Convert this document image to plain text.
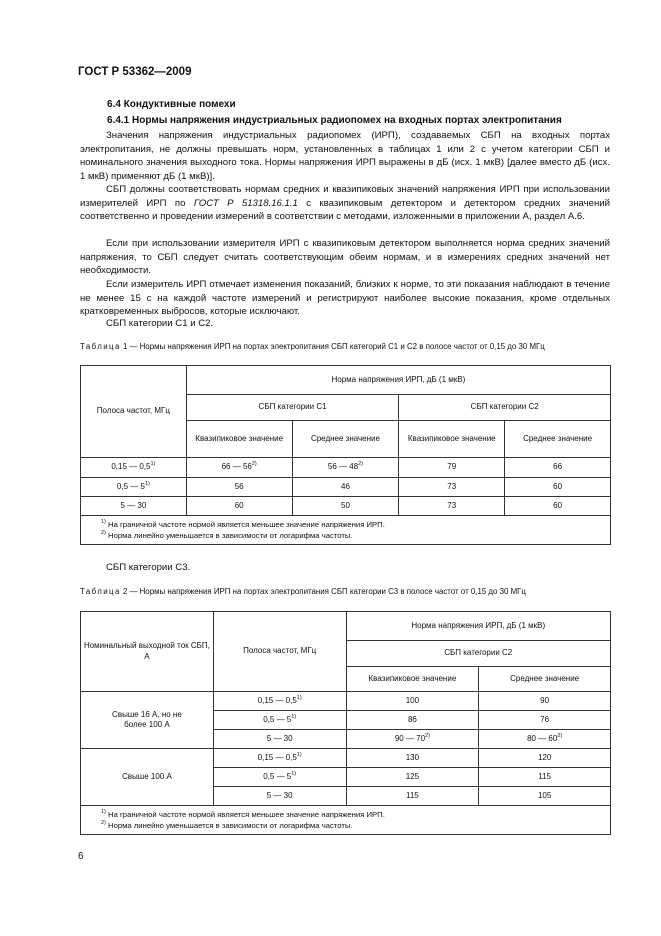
ГОСТ Р 53362—2009
6.4 Кондуктивные помехи
6.4.1 Нормы напряжения индустриальных радиопомех на входных портах электропитания

Значения напряжения индустриальных радиопомех (ИРП), создаваемых СБП на входных портах электропитания, не должны превышать норм, установленных в таблицах 1 или 2 с учетом категории СБП и номинального значения выходного тока. Нормы напряжения ИРП выражены в дБ (исх. 1 мкВ) [далее вместо дБ (исх. 1 мкВ) применяют дБ (1 мкВ)].

СБП должны соответствовать нормам средних и квазипиковых значений напряжения ИРП при использовании измерителей ИРП по ГОСТ Р 51318.16.1.1 с квазипиковым детектором и детектором средних значений соответственно и проведении измерений в соответствии с методами, изложенными в приложении А, раздел А.6.

Если при использовании измерителя ИРП с квазипиковым детектором выполняется норма средних значений напряжения, то СБП следует считать соответствующим обеим нормам, и в измерениях средних значений нет необходимости.

Если измеритель ИРП отмечает изменения показаний, близких к норме, то эти показания наблюдают в течение не менее 15 с на каждой частоте измерений и регистрируют наиболее высокие показания, кроме отдельных кратковременных выбросов, которые исключают.

СБП категории С1 и С2.

Таблица 1 — Нормы напряжения ИРП на портах электропитания СБП категорий С1 и С2 в полосе частот от 0,15 до 30 МГц

Полоса частот, МГц	Норма напряжения ИРП, дБ (1 мкВ)			
	СБП категории С1		СБП категории С2	
	Квазипиковое значение	Среднее значение	Квазипиковое значение	Среднее значение
0,15 — 0,5$^{1)}$	66 — 56$^{2)}$	56 — 48$^{2)}$	79	66
0,5 — 5$^{1)}$	56	46	73	60
5 — 30	60	50	73	60

$^{1)}$ На граничной частоте нормой является меньшее значение напряжения ИРП.
$^{2)}$ Норма линейно уменьшается в зависимости от логарифма частоты.				
СБП категории С3.

Таблица 2 — Нормы напряжения ИРП на портах электропитания СБП категории С3 в полосе частот от 0,15 до 30 МГц

Номинальный выходной ток СБП, А	Полоса частот, МГц	Норма напряжения ИРП, дБ (1 мкВ)	
		СБП категории С2	
		Квазипиковое значение	Среднее значение
Свыше 16 А, но не более 100 А	0,15 — 0,5$^{1)}$	100	90
	0,5 — 5$^{1)}$	86	76
	5 — 30	90 — 70$^{2)}$	80 — 60$^{2)}$
Свыше 100 А	0,15 — 0,5$^{1)}$	130	120
	0,5 — 5$^{1)}$	125	115
	5 — 30	115	105

$^{1)}$ На граничной частоте нормой является меньшее значение напряжения ИРП.
$^{2)}$ Норма линейно уменьшается в зависимости от логарифма частоты.			
6
